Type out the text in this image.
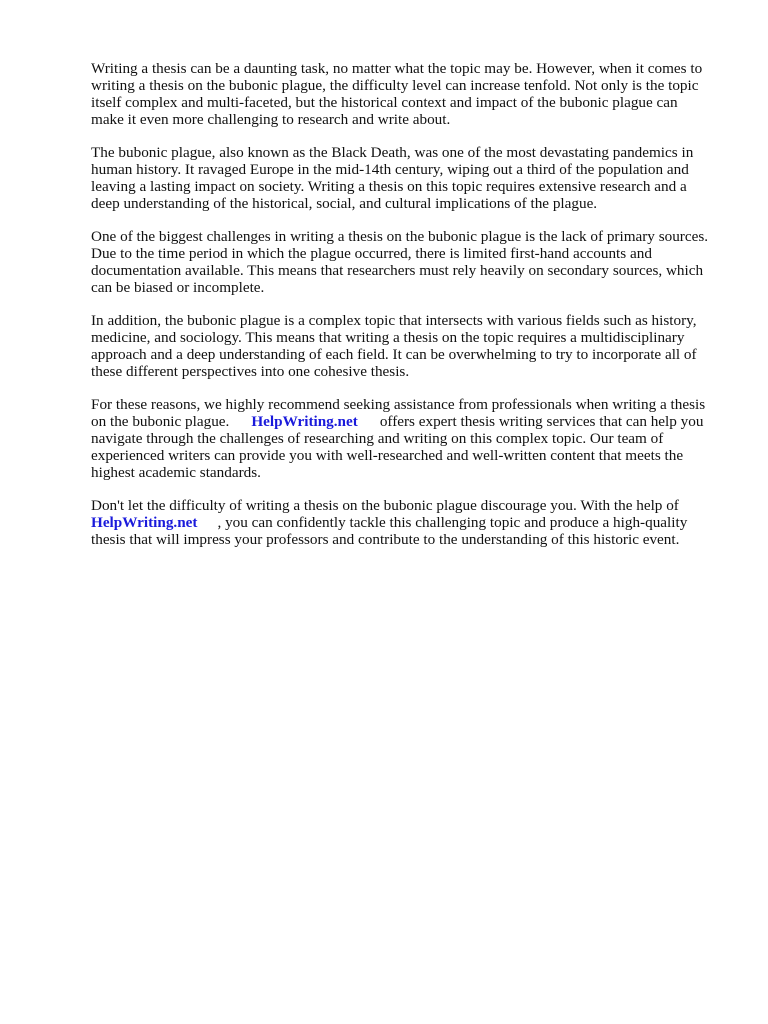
Writing a thesis can be a daunting task, no matter what the topic may be. However, when it comes to
writing a thesis on the bubonic plague, the difficulty level can increase tenfold. Not only is the topic
itself complex and multi-faceted, but the historical context and impact of the bubonic plague can
make it even more challenging to research and write about.

The bubonic plague, also known as the Black Death, was one of the most devastating pandemics in
human history. It ravaged Europe in the mid-14th century, wiping out a third of the population and
leaving a lasting impact on society. Writing a thesis on this topic requires extensive research and a
deep understanding of the historical, social, and cultural implications of the plague.

One of the biggest challenges in writing a thesis on the bubonic plague is the lack of primary sources.
Due to the time period in which the plague occurred, there is limited first-hand accounts and
documentation available. This means that researchers must rely heavily on secondary sources, which
can be biased or incomplete.

In addition, the bubonic plague is a complex topic that intersects with various fields such as history,
medicine, and sociology. This means that writing a thesis on the topic requires a multidisciplinary
approach and a deep understanding of each field. It can be overwhelming to try to incorporate all of
these different perspectives into one cohesive thesis.

For these reasons, we highly recommend seeking assistance from professionals when writing a thesis
on the bubonic plague. HelpWriting.net offers expert thesis writing services that can help you
navigate through the challenges of researching and writing on this complex topic. Our team of
experienced writers can provide you with well-researched and well-written content that meets the
highest academic standards.

Don't let the difficulty of writing a thesis on the bubonic plague discourage you. With the help of
HelpWriting.net , you can confidently tackle this challenging topic and produce a high-quality
thesis that will impress your professors and contribute to the understanding of this historic event.
